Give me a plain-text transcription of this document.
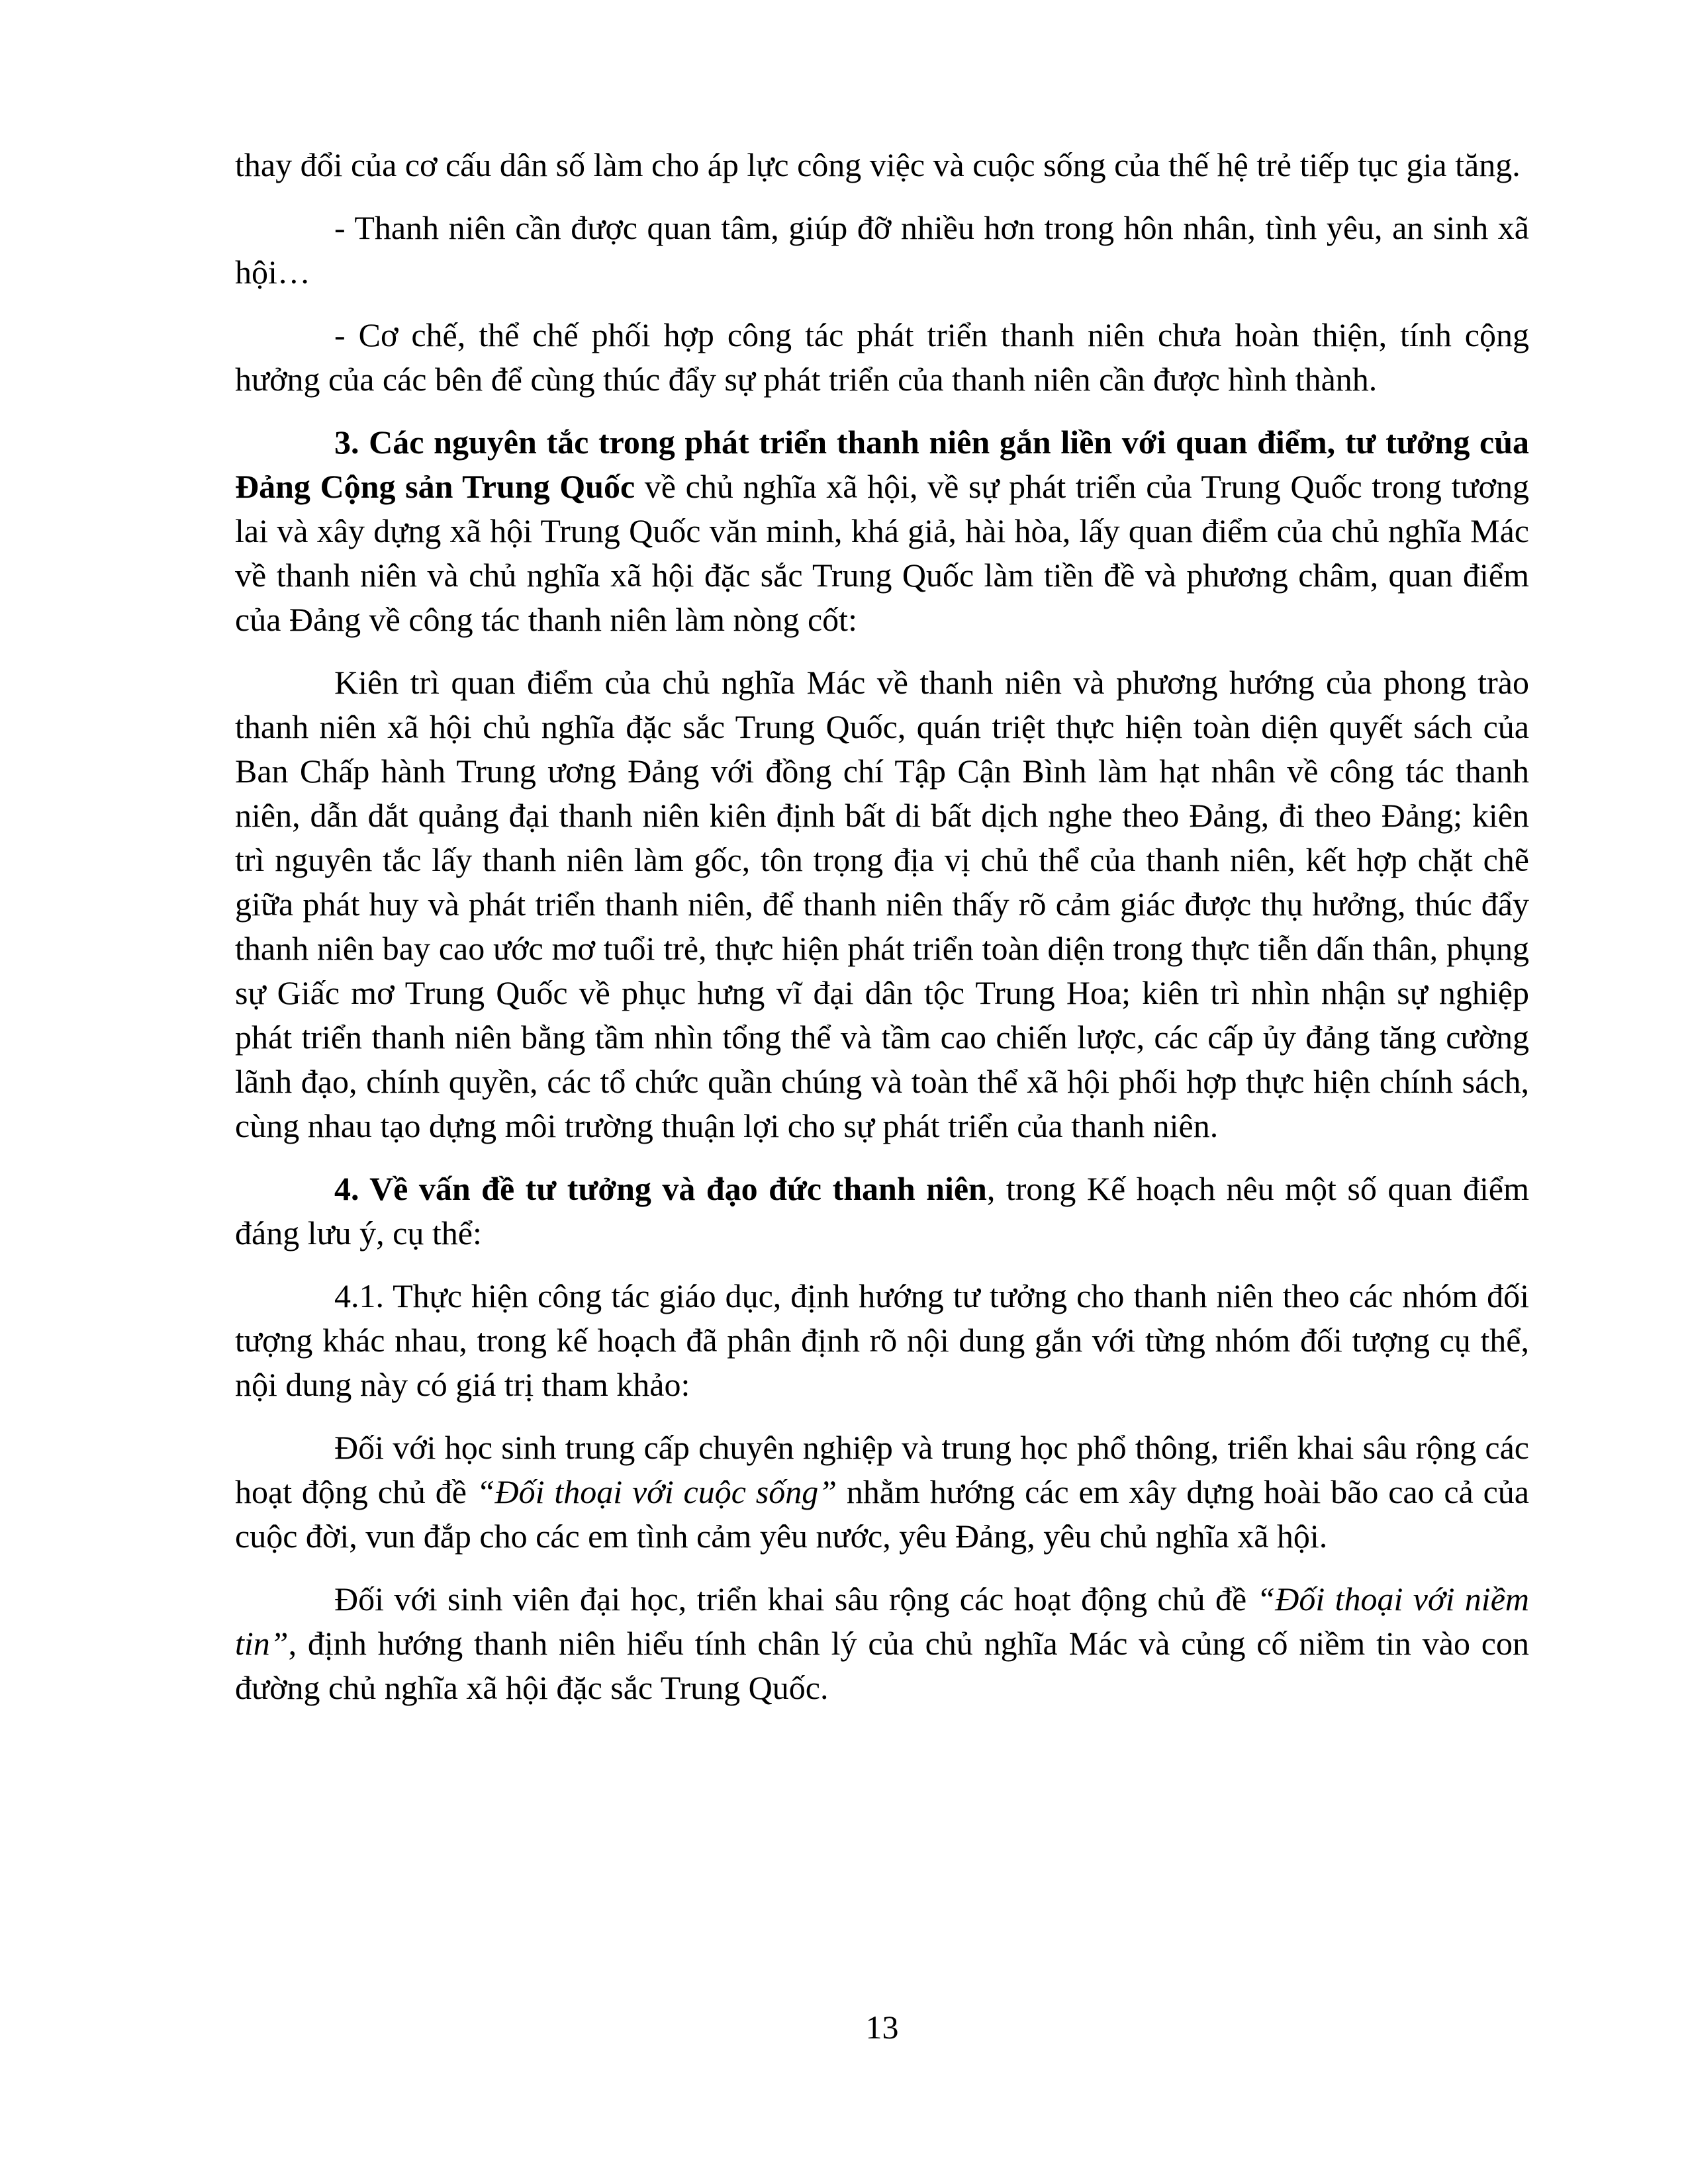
thay đổi của cơ cấu dân số làm cho áp lực công việc và cuộc sống của thế hệ trẻ tiếp tục gia tăng.

- Thanh niên cần được quan tâm, giúp đỡ nhiều hơn trong hôn nhân, tình yêu, an sinh xã hội…

- Cơ chế, thể chế phối hợp công tác phát triển thanh niên chưa hoàn thiện, tính cộng hưởng của các bên để cùng thúc đẩy sự phát triển của thanh niên cần được hình thành.

3. Các nguyên tắc trong phát triển thanh niên gắn liền với quan điểm, tư tưởng của Đảng Cộng sản Trung Quốc về chủ nghĩa xã hội, về sự phát triển của Trung Quốc trong tương lai và xây dựng xã hội Trung Quốc văn minh, khá giả, hài hòa, lấy quan điểm của chủ nghĩa Mác về thanh niên và chủ nghĩa xã hội đặc sắc Trung Quốc làm tiền đề và phương châm, quan điểm của Đảng về công tác thanh niên làm nòng cốt:

Kiên trì quan điểm của chủ nghĩa Mác về thanh niên và phương hướng của phong trào thanh niên xã hội chủ nghĩa đặc sắc Trung Quốc, quán triệt thực hiện toàn diện quyết sách của Ban Chấp hành Trung ương Đảng với đồng chí Tập Cận Bình làm hạt nhân về công tác thanh niên, dẫn dắt quảng đại thanh niên kiên định bất di bất dịch nghe theo Đảng, đi theo Đảng; kiên trì nguyên tắc lấy thanh niên làm gốc, tôn trọng địa vị chủ thể của thanh niên, kết hợp chặt chẽ giữa phát huy và phát triển thanh niên, để thanh niên thấy rõ cảm giác được thụ hưởng, thúc đẩy thanh niên bay cao ước mơ tuổi trẻ, thực hiện phát triển toàn diện trong thực tiễn dấn thân, phụng sự Giấc mơ Trung Quốc về phục hưng vĩ đại dân tộc Trung Hoa; kiên trì nhìn nhận sự nghiệp phát triển thanh niên bằng tầm nhìn tổng thể và tầm cao chiến lược, các cấp ủy đảng tăng cường lãnh đạo, chính quyền, các tổ chức quần chúng và toàn thể xã hội phối hợp thực hiện chính sách, cùng nhau tạo dựng môi trường thuận lợi cho sự phát triển của thanh niên.

4. Về vấn đề tư tưởng và đạo đức thanh niên, trong Kế hoạch nêu một số quan điểm đáng lưu ý, cụ thể:

4.1. Thực hiện công tác giáo dục, định hướng tư tưởng cho thanh niên theo các nhóm đối tượng khác nhau, trong kế hoạch đã phân định rõ nội dung gắn với từng nhóm đối tượng cụ thể, nội dung này có giá trị tham khảo:

Đối với học sinh trung cấp chuyên nghiệp và trung học phổ thông, triển khai sâu rộng các hoạt động chủ đề “Đối thoại với cuộc sống” nhằm hướng các em xây dựng hoài bão cao cả của cuộc đời, vun đắp cho các em tình cảm yêu nước, yêu Đảng, yêu chủ nghĩa xã hội.

Đối với sinh viên đại học, triển khai sâu rộng các hoạt động chủ đề “Đối thoại với niềm tin”, định hướng thanh niên hiểu tính chân lý của chủ nghĩa Mác và củng cố niềm tin vào con đường chủ nghĩa xã hội đặc sắc Trung Quốc.

13
